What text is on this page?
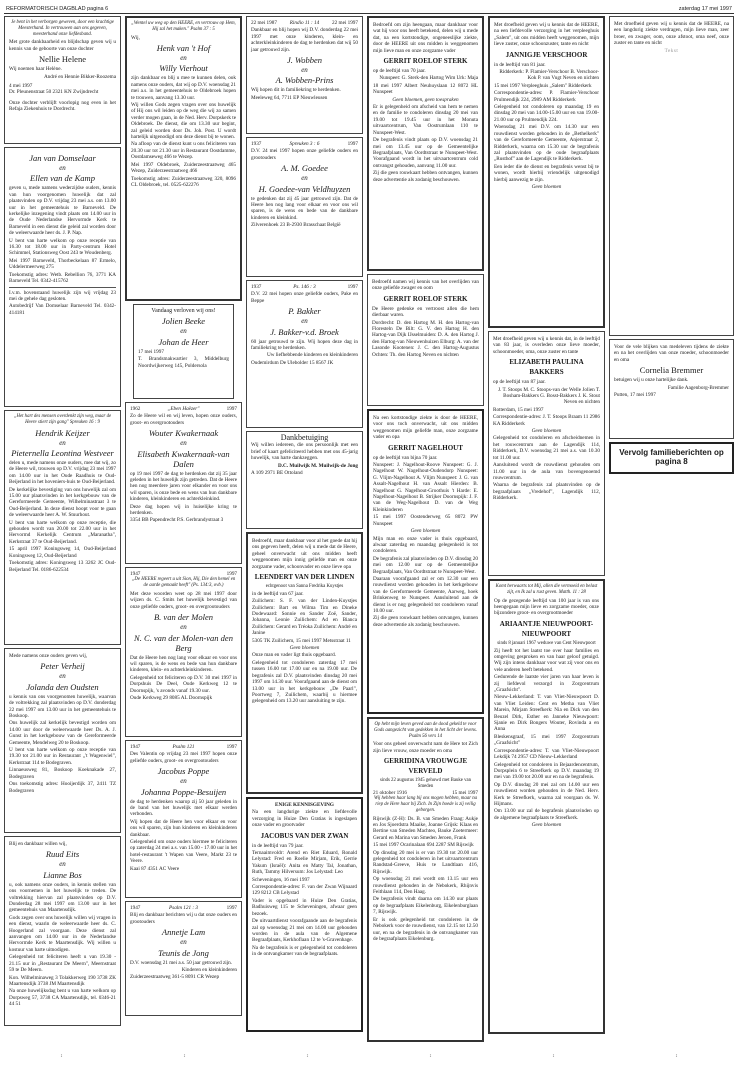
REFORMATORISCH DAGBLAD pagina 6	zaterdag 17 mei 1997
Je bent in het verborgen geweven, door een krachtige Meesterhand. In vertrouwen aan ons gegeven, meesterhand onze liefdesband.
Met grote dankbaarheid en blijdschap geven wij u kennis van de geboorte van onze dochter
Nellie Helene
Wij noemen haar Helène.
André en Hennie Bikker-Roozema
4 mei 1997
Dr. Pleunenstraat 50 2321 KN Zwijndrecht
Onze dochter verblijft voorlopig nog even in het Refaja Ziekenhuis te Dordrecht.
Jan van Domselaar
en
Ellen van de Kamp
geven u, mede namens wederzijdse ouders, kennis van hun voorgenomen huwelijk dat zal plaatsvinden op D.V. vrijdag 23 mei a.s. om 13.00 uur in het gemeentehuis te Barneveld. De kerkelijke inzegening vindt plaats om 14.00 uur in de Oude Nederlandse Hervormde Kerk te Barneveld in een dienst die geleid zal worden door de weleerwaarde heer ds. J. P. Nap.
U bent van harte welkom op onze receptie van 16.30 tot 18.00 uur in Party-centrum Hotel Schimmel, Stationsweg Oost 243 te Woudenberg.
Mei 1997 Barneveld, Thorbeckelaan 87 Ermelo, Uddelermeerweg 275
Toekomstig adres: Wetb. Rebellion 76, 3771 KA Barneveld Tel. 0342-415762
I.v.m. bovenstaand huwelijk zijn wij vrijdag 23 mei de gehele dag gesloten.
Autobedrijf Van Domselaar Barneveld Tel. 0342-414181
„Het hart des mensen overdenkt zijn weg, maar de Heere stiert zijn gang" Spreuken 16 : 9
Hendrik Keijzer
en
Pieternella Leontina Westveer
delen u, mede namens onze ouders, mee dat wij, zo de Heere wil, trouwen op D.V. vrijdag 23 mei 1997 om 14.00 uur in het Oude Raadhuis te Oud-Beijerland in het hoveniers-huis te Oud-Beijerland.
De kerkelijke bevestiging van ons huwelijk zal om 15.00 uur plaatsvinden in het kerkgebouw van de Gereformeerde Gemeente, Wilhelminastraat 3 te Oud-Beijerland. In deze dienst hoopt voor te gaan de weleerwaarde heer A. W. Stuurhout.
U bent van harte welkom op onze receptie, die gehouden wordt van 20.00 tot 22.00 uur in het Hervormd Kerkelijk Centrum „Maranatha", Kerkstraat 37 te Oud-Beijerland.
15 april 1997 Koningsweg 14, Oud-Beijerland Koningsweg 12, Oud-Beijerland
Toekomstig adres: Koningsweg 13 3262 JC Oud-Beijerland Tel. 0186-622534
Mede namens onze ouders geven wij,
Peter Verheij
en
Jolanda den Oudsten
u kennis van ons voorgenomen huwelijk, waarvan de voltrekking zal plaatsvinden op D.V. donderdag 22 mei 1997 om 13.00 uur in het gemeentehuis te Boskoop.
Ons huwelijk zal kerkelijk bevestigd worden om 14.00 uur door de weleerwaarde heer Ds. A. J. Gunst in het kerkgebouw van de Gereformeerde Gemeente, Mendelweg 20 te Boskoop.
U bent van harte welkom op onze receptie van 19.30 tot 21.00 uur in Restaurant „'t Wagenwiel", Kerkstraat 114 te Bodegraven.
Linnaeusweg 81, Boskoop Koeknakade 27, Bodegraven
Ons toekomstig adres: Hooijerdijk 37, 2411 TZ Bodegraven
Blij en dankbaar willen wij,
Ruud Eits
en
Lianne Bos
u, ook namens onze ouders, in kennis stellen van ons voornemen in het huwelijk te treden. De voltrekking hiervan zal plaatsvinden op D.V. Donderdag 28 mei 1997 om 13.00 uur in het gemeentehuis van Maartensdijk.
Gods zegen over ons huwelijk willen wij vragen in een dienst, waarin de weleerwaarde heer ds. C. Hoogerland zal voorgaan. Deze dienst zal aanvangen om 14.00 uur in de Nederlandse Hervormde Kerk te Maartensdijk. Wij willen u kostuur van harte uitnodigen.
Gelegenheid tot feliciteren heeft u van 19.30 - 21.15 uur in „Restaurant De Meern", Meernstraat 59 te De Meern.
Kon. Wilhelminaweg 3 Tolakkerweg 190 3738 ZK Maartensdijk 3738 JM Maartensdijk
Na onze huwelijksdag bent u van harte welkom op Dorpsweg 57, 3738 CA Maartensdijk, tel. 0346-21 44 51
„Wentel uw weg op den HEERE, en vertrouw op Hem, Hij zal het maken." Psalm 37 : 5
Wij,
Henk van 't Hof
en
Willy Vierhout
zijn dankbaar en blij u mee te kunnen delen, ook namens onze ouders, dat wij op D.V. woensdag 21 mei a.s. in het gemeentehuis te Oldebroek hopen te trouwen, aanvang 13.30 uur.
Wij willen Gods zegen vragen over ons huwelijk of Hij ons wil leiden op de weg die wij zo samen verder mogen gaan, in de Ned. Herv. Dorpskerk te Oldebroek. De dienst, die om 13.30 uur begint, zal geleid worden door Ds. Joh. Post. U wordt hartelijk uitgenodigd om deze dienst bij te wonen.
Na afloop van de dienst kunt u ons feliciteren van 20.30 uur tot 21.30 uur in Restaurant Oostdamme, Oostdamseweg 466 te Wezep.
Mei 1997 Oldebroek, Zuiderzeestraatweg 465 Wezep, Zuiderzeestraatweg 466
Toekomstig adres: Zuiderzeestraatweg 320, 8096 CL Oldebroek, tel. 0525-622276
Vandaag verloven wij ons!
Jolien Beeke
en
Johan de Heer
17 mei 1997
T. Brandsmakwartier 3, Middelburg Noordwijkerweg 145, Poldersola
1962	„Eben Haëzer"	1997
Zo de Heere wil en wij leven, hopen onze ouders, groot- en overgrootouders
Wouter Kwakernaak
en
Elisabeth Kwakernaak-van Dalen
op 19 mei 1997 de dag te herdenken dat zij 35 jaar geleden in het huwelijk zijn getreden. Dat de Heere hen nog meerdere jaren voor elkander en voor ons wil sparen, is onze bede en wens van hun dankbare kinderen, kleinkinderen en achterkleinkind.
Deze dag hopen wij in huiselijke kring te herdenken.
3354 BB Papendrecht P.S. Gerbrandystraat 3
1947	1997
„De HEERE regeert u uit Sion, Hij, Die den hemel en de aarde gemaakt heeft" (Ps. 134:3, ovb.)
Met deze woorden weet op 28 mei 1997 door wijzen ds. C. Smits het huwelijk bevestigd van onze geliefde ouders, groot- en overgrootouders
B. van der Molen
en
N. C. van der Molen-van den Berg
Dat de Heere hen nog lang voor elkaar en voor ons wil sparen, is de wens en bede van hun dankbare kinderen, klein- en achterkleinkinderen.
Gelegenheid tot feliciteren op D.V. 30 mei 1997 in Dorpshuis De Deel, Oude Kerkweg 12 te Doornspijk, 's avonds vanaf 19.30 uur.
Oude Kerkweg 29 8085 AL Doornspijk
1947	Psalm 121	1997
Des Valentin op vrijdag 23 mei 1997 hopen onze geliefde ouders, groot- en overgrootouders
Jacobus Poppe
en
Johanna Poppe-Besuijen
de dag te herdenken waarop zij 50 jaar geleden in de band van het huwelijk met elkaar werden verbonden.
Wij hopen dat de Heere hen voor elkaar en voor ons wil sparen, zijn hun kinderen en kleinkinderen dankbaar.
Gelegenheid om onze ouders hiermee te feliciteren op zaterdag 24 mei a.s. van 15.00 - 17.00 uur in het hotel-restaurant 't Wapen van Veere, Markt 23 te Veere.
Kaai 87 4351 AC Veere
1947	Psalm 121 : 3	1997
Blij en dankbaar berichten wij u dat onze ouders en grootouders
Annetje Lam
en
Teunis de Jong
D.V. woensdag 21 mei a.s. 50 jaar getrouwd zijn.
Kinderen en kleinkinderen
Zuiderzeestraatweg 361-5 8091 CR Wezep
22 mei 1987 Rindio 11 : 14 22 mei 1997
Dankbaar en blij hopen wij D.V. donderdag 22 mei 1997 met onze kinderen, klein- en achterkleinkinderen de dag te herdenken dat wij 50 jaar getrouwd zijn.
J. Wobben
en
A. Wobben-Prins
Wij hopen dit in familiekring te herdenken.
Meeleweg 64, 7711 EP Nieuwleusen
1937	Spreuken 3 : 6	1997
D.V. 24 mei 1997 hopen onze geliefde ouders en grootouders
A. M. Goedee
en
H. Goedee-van Veldhuyzen
te gedenken dat zij 45 jaar getrouwd zijn. Dat de Heere hen nog lang voor elkaar en voor ons wil sparen, is de wens en bede van de dankbare kinderen en kleinkind.
Zilverenhoek 23 B-2930 Brasschaat België
1937	Ps. 146 : 3	1997
D.V. 22 mei hopen onze geliefde ouders, Pake en Beppe
P. Bakker
en
J. Bakker-v.d. Broek
60 jaar getrouwd te zijn. Wij hopen deze dag in familiekring te herdenken.
Uw liefhebbende kinderen en kleinkinderen
Oudemirdum De Ulebolder 15 8567 JK
Dankbetuiging
Wij willen iedereen, die ons persoonlijk met een brief of kaart gefeliciteerd hebben met ons 45-jarig huwelijk, van harte dankzeggen.
D.C. Muilwijk M. Muilwijk-de Jong
A 109 2971 BE Ottoland
Bedroefd, maar dankbaar voor al het goede dat hij ons gegeven heeft, delen wij u mede dat de Heere, geheel onverwacht uit ons midden heeft weggenomen mijn innig geliefde man en onze zorgzame vader, schoonvader en onze lieve opa
LEENDERT VAN DER LINDEN
echtgenoot van Sanna Fredrika Kuystjes
in de leeftijd van 67 jaar.
Zuilichem: S. F. van der Linden-Kuystjes Zuilichem: Bart en Wilma Tim en Dineke Dodewaard: Sonnie en Sander Zoë, Sander, Johanna, Leonie Zuilichem: Ad en Bianca Zuilichem: Gerard en Tréoka Zuilichem: André en Janine
5305 TK Zuilichem, 15 mei 1997 Metsstraat 11
Geen bloemen
Onze man en vader ligt thuis opgebaard.
Gelegenheid tot condoleren zaterdag 17 mei tussen 16.00 tot 17.00 uur en na 19.00 uur. De begrafenis zal D.V. plaatsvinden dinsdag 20 mei 1997 om 14.30 uur. Voorafgaand aan de dienst om 13.00 uur in het kerkgebouw „De Paarl", Poortweg 7, Zuilichem, waarbij u hiermee gelegenheid om 13.20 uur aansluiting te zijn.
ENIGE KENNISGEVING
Na een langdurige ziekte en liefdevolle verzorging in Huize Den Gratias is ingeslapen onze vader en grootvader
JACOBUS VAN DER ZWAN
in de leeftijd van 79 jaar.
Ternaaimvoldr: Arend en Riet Eduard, Ronald Lelystad: Fred en Roelie Mirjam, Erik, Gerrie Yakum (Israël): Anita en Matty Tal, Jonathan, Ruth, Tammy Hilversum: Jos Lelystad: Leo
Scheveningen, 16 mei 1997
Correspondentie-adres: F. van der Zwan Wijnaard 129 8212 CB Lelystad
Vader is opgebaard in Huize Den Gratias, Badhuisweg 115 te Scheveningen, afwaar geen bezoek.
De uitvaartdienst voorafgaande aan de begrafenis zal op woensdag 21 mei om 14.00 uur gehouden worden in de aula van de Algemene Begraafplaats, Kerkhoflaan 12 te 's-Gravenhage.
Na de begrafenis is er gelegenheid tot condoleren in de ontvangkamer van de begraafplaats.
Bedroefd om zijn heengaan, maar dankbaar voor wat hij voor ons heeft betekend, delen wij u mede dat, na een kortstondige, ongeneeslijke ziekte, door de HEERE uit ons midden is weggenomen mijn lieve man en onze zorgzame vader
GERRIT ROELOF STERK
op de leeftijd van 70 jaar.
Nunspeet: G. Sterk-den Hartog Wim Urk: Maja
18 mei 1997 Albert Neuhuyslaan 12 8072 HL Nunspeet
Geen bloemen, geen toespraken
Er is gelegenheid om afscheid van hem te nemen en de familie te condoleren dinsdag 20 mei van 19.00 tot 19.45 uur in het Monuta uitvaartcentrum, Van Oostrumlaan 110 te Nunspeet-West.
De begrafenis vindt plaats op D.V. woensdag 21 mei om 13.45 uur op de Gemeentelijke Begraafplaats, Van Oordtstraat te Nunspeet-West. Voorafgaand wordt in het uitvaartcentrum cold ontvangst gehouden, aanvang 11.00 uur.
Zij die geen rouwkaart hebben ontvangen, kunnen deze advertentie als zodanig beschouwen.
Bedroefd namen wij kennis van het overlijden van onze geliefde zwager en oom
GERRIT ROELOF STERK
De Heere gedenke en vertroost allen die hem dierbaar waren.
Dordrecht: D. den Hartog M. H. den Hartog-van Floresteln De Bilt: G. V. den Hartog H. den Hartog-van Dijk IJsselmuiden: D. A. den Hartog J. den Hartog-van Nieuwenhuizen Elburg: A. van der Lasonde Kootenen: J. C. den Hartog-Augustus Ochten: Th. den Hartog Neven en nichten
Na een kortstondige ziekte is door de HEERE, voor ons toch onverwacht, uit ons midden weggenomen mijn geliefde man, onze zorgzame vader en opa
GERRIT NAGELHOUT
op de leeftijd van bijna 70 jaar.
Nunspeet: J. Nagelhout-Roove Nunspeet: G. J. Nagelhout W. Nagelhout-Oudendorp Nunspeet: G. Vlijm-Nagelhout A. Vlijm Nunspeet: J. G. van Assalt-Nagelhout H. van Assalt Hierden: B. Nagelhout G. Nagelhout-Groothuis 't Harde: E. Nagelhout-Nagelhout B. Strijker Doornspijk: J. F. van de Weg-Nagelhout D. van de Weg Kleinkinderen
15 mei 1997 Oostenderweg 65 8072 PW Nunspeet
Geen bloemen
Mijn man en onze vader is thuis opgebaard, alwaar zaterdag en maandag gelegenheid is tot condoleren.
De begrafenis zal plaatsvinden op D.V. dinsdag 20 mei om 12.00 uur op de Gemeentelijke Begraafplaats, Van Oordtstraat te Nunspeet-West.
Daaraan voorafgaand zal er om 12.30 uur een rouwdienst worden gehouden in het kerkgebouw van de Gereformeerde Gemeente, Aarweg, hoek Brinkenweg te Nunspeet. Aansluitend aan de dienst is er nog gelegenheid tot condoleren vanaf 10.00 uur.
Zij die geen rouwkaart hebben ontvangen, kunnen deze advertentie als zodanig beschouwen.
Op hebt mijn leven geved aan de dood gekeld te voor Gods aangezicht van gedekken in het licht der levens. Psalm 56 vers 14
Voor ons geheel onverwacht nam de Here tot Zich zijn lieve vrouw, onze moeder en oma
GERRIDINA VROUWGJE VERVELD
sinds 22 augustus 1945 gehuwd met Bauke van Smeden
21 oktober 1916	15 mei 1997
Wij hebben haar lang bij ons mogen hebben, maar na riep de Here haar bij Zich. In Zijn hoede is zij veilig geborgen.
Rijswijk (Z-H): Ds. B. van Smeden Fraag: Aukje en Jos Sjoerdstra Maaike, Joanne Grijsk: Klaas en Bertine van Smeden Machteo, Bauke Zoetermeer: Gerard en Marina van Smeden Jeroen, Frank
15 mei 1997 Ocarinalaan 694 2287 SM Rijswijk
Op dinsdag 20 mei is er van 19.30 tot 20.00 uur gelegenheid tot condoleren in het uitvaartcentrum Randstad-Greeve, Huis te Landtlaan 416, Rijswijk.
Op woensdag 21 mei wordt om 13.15 uur een rouwdienst gehouden in de Nebokerk, Rhijnvis Feithlaan 114, Den Haag.
De begrafenis vindt daarna om 14.30 uur plaats op de begraafplaats Eikelenburg, Eikelenburglaan 7, Rijswijk.
Er is ook gelegenheid tot condoleren in de Nebokerk voor de rouwdienst, van 12.15 tot 12.50 uur, en na de begrafenis in de ontvangkamer van de begraafplaats Eikelenburg.
Met droefheid geven wij u kennis dat de HEERE, na een liefdevolle verzorging in het verpleeghuis „Salem", uit ons midden heeft weggenomen, mijn lieve zuster, onze schoonzuster, tante en nicht
JANNIGJE VERSCHOOR
in de leeftijd van 81 jaar.
Ridderkerk: P. Flamier-Verschoor B. Verschoor-Kok P. van Vugt Neven en nichten
15 mei 1997 Verpleeghuis „Salem" Ridderkerk
Correspondentie-adres: P. Flamier-Verschoor Prulmendijk 224, 2989 AM Ridderkerk
Gelegenheid tot condoleren op maandag 19 en dinsdag 20 mei van 14.00-15.00 uur en van 19.00-21.00 uur op Prulmendijk 224.
Woensdag 21 mei D.V. om 14.30 uur een rouwdienst worden gehouden in de „Bethelkerk" van de Gereformeerde Gemeente, Anjerstraat 2, Ridderkerk, waarna om 15.30 uur de begrafenis zal plaatsvinden op de oude begraafplaats „Rusthof" aan de Lagendijk te Ridderkerk.
Een ieder die de dienst en begrafenis wenst bij te wonen, wordt hierbij vriendelijk uitgenodigd hierbij aanwezig te zijn.
Geen bloemen
Met droefheid geven wij u kennis dat, in de leeftijd van 83 jaar, is overleden onze lieve moeder, schoonmoeder, oma, onze zuster en tante
ELIZABETH PAULINA BAKKERS
op de leeftijd van 87 jaar.
J. T. Stoops M. C. Stoops-van der Welle Jolien T. Bosham-Bakkers G. Bosst-Bakkers J. K. Stout Neven en nichten
Rotterdam, 15 mei 1997
Correspondentie-adres: J. T. Stoops Braam 11 2986 KA Ridderkerk
Geen bloemen
Gelegenheid tot condoleren en afscheidnemen in het rouwcentrum aan de Lagendijk 114, Ridderkerk, D.V. woensdag 21 mei a.s. van 10.30 tot 11.00 uur.
Aansluitend wordt de rouwdienst gehouden om 11.00 uur in de aula van bovengenoemd rouwcentrum.
Waarna de begrafenis zal plaatsvinden op de begraafplaats „Vredehof", Lagendijk 112, Ridderkerk.
Komt herwaarts tot Mij, allen die vermoeid en belast zijt, en Ik zal u rust geven. Matth. 11 : 28
Op de gezegende leeftijd van 100 jaar is van ons heengegaan mijn lieve en zorgzame moeder, onze bijzondere groot- en overgrootmoeder
ARIAANTJE NIEUWPOORT-NIEUWPOORT
sinds 8 januari 1967 weduwe van Cent Nieuwpoort
Zij heeft tot het laatst toe over haar families en omgeving gesproken en van haar geloof getuigd. Wij zijn intens dankbaar voor wat zij voor ons en vele anderen heeft betekend.
Gedurende de laatste vier jaren van haar leven is zij liefdevol verzorgd in Zorgcentrum „Graafsicht".
Nieuw-Lekkerland: T. van Vliet-Nieuwpoort D. van Vliet Leiden: Cent en Metha van Vliet Marein, Mirjam Streefkerk: Nia en Dick van den Beuzel Dirk, Esther en Janneke Nieuwpoort: Sjanie en Dirk Bongers Wouter, Rovinda a en Anna
Bleskensgraaf, 15 mei 1997 Zorgcentrum „Graafsicht"
Correspondentie-adres: T. van Vliet-Nieuwpoort Lekdijk 74 2957 CD Nieuw-Lekkerland
Gelegenheid tot condoleren in Bejaardencentrum, Dorpsplein 6 te Streefkerk op D.V. maandag 19 mei van 19.00 tot 20.00 uur en na de begrafenis.
Op D.V. dinsdag 20 mei zal om 14.00 uur een rouwdienst worden gehouden in de Ned. Herv. Kerk te Streefkerk, waarna zal voorgaan ds. W. Hijmans.
Om 13.00 uur zal de begrafenis plaatsvinden op de algemene begraafplaats te Streefkerk.
Geen bloemen
Met droefheid geven wij u kennis dat de HEERE, na een langdurig ziekte verdragen, mijn lieve man, zeer broer, en zwager, oom, onze afstoot, oma neef, onze zuster en tante en nicht
Tekst
Voor de vele blijken van medeleven tijdens de ziekte en na het overlijden van onze moeder, schoonmoeder en oma
Cornelia Bremmer
betuigen wij u onze hartelijke dank.
Familie Aagenborg-Bremmer
Putten, 17 mei 1997
Vervolg familieberichten op pagina 8
↕	↕	↕	↕	↕	↕
